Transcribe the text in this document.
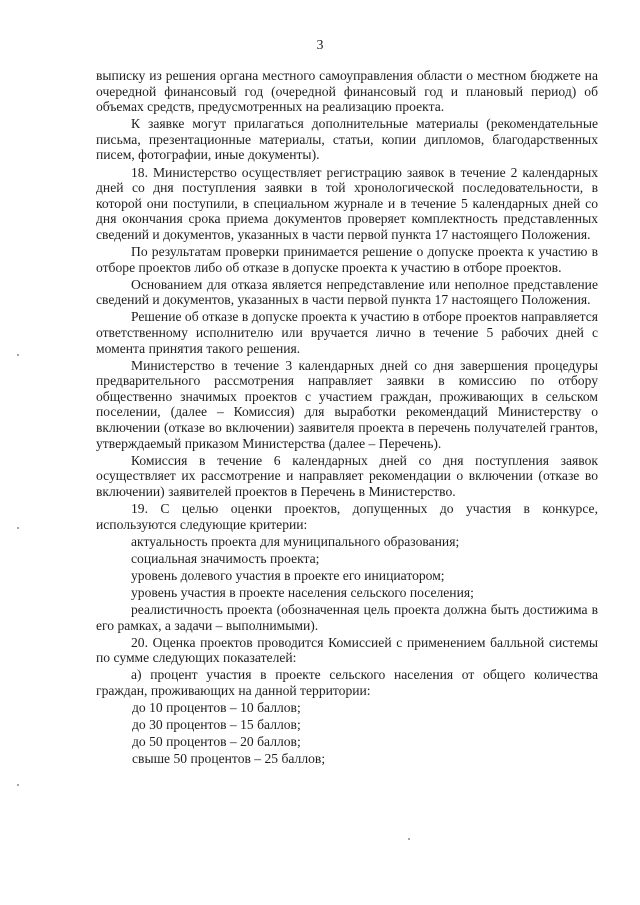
3

выписку из решения органа местного самоуправления области о местном бюджете на очередной финансовый год (очередной финансовый год и плановый период) об объемах средств, предусмотренных на реализацию проекта.

К заявке могут прилагаться дополнительные материалы (рекомендательные письма, презентационные материалы, статьи, копии дипломов, благодарственных писем, фотографии, иные документы).

18. Министерство осуществляет регистрацию заявок в течение 2 календарных дней со дня поступления заявки в той хронологической последовательности, в которой они поступили, в специальном журнале и в течение 5 календарных дней со дня окончания срока приема документов проверяет комплектность представленных сведений и документов, указанных в части первой пункта 17 настоящего Положения.

По результатам проверки принимается решение о допуске проекта к участию в отборе проектов либо об отказе в допуске проекта к участию в отборе проектов.

Основанием для отказа является непредставление или неполное представление сведений и документов, указанных в части первой пункта 17 настоящего Положения.

Решение об отказе в допуске проекта к участию в отборе проектов направляется ответственному исполнителю или вручается лично в течение 5 рабочих дней с момента принятия такого решения.

Министерство в течение 3 календарных дней со дня завершения процедуры предварительного рассмотрения направляет заявки в комиссию по отбору общественно значимых проектов с участием граждан, проживающих в сельском поселении, (далее – Комиссия) для выработки рекомендаций Министерству о включении (отказе во включении) заявителя проекта в перечень получателей грантов, утверждаемый приказом Министерства (далее – Перечень).

Комиссия в течение 6 календарных дней со дня поступления заявок осуществляет их рассмотрение и направляет рекомендации о включении (отказе во включении) заявителей проектов в Перечень в Министерство.

19. С целью оценки проектов, допущенных до участия в конкурсе, используются следующие критерии:

актуальность проекта для муниципального образования;

социальная значимость проекта;

уровень долевого участия в проекте его инициатором;

уровень участия в проекте населения сельского поселения;

реалистичность проекта (обозначенная цель проекта должна быть достижима в его рамках, а задачи – выполнимыми).

20. Оценка проектов проводится Комиссией с применением балльной системы по сумме следующих показателей:

а) процент участия в проекте сельского населения от общего количества граждан, проживающих на данной территории:

до 10 процентов – 10 баллов;

до 30 процентов – 15 баллов;

до 50 процентов – 20 баллов;

свыше 50 процентов – 25 баллов;
